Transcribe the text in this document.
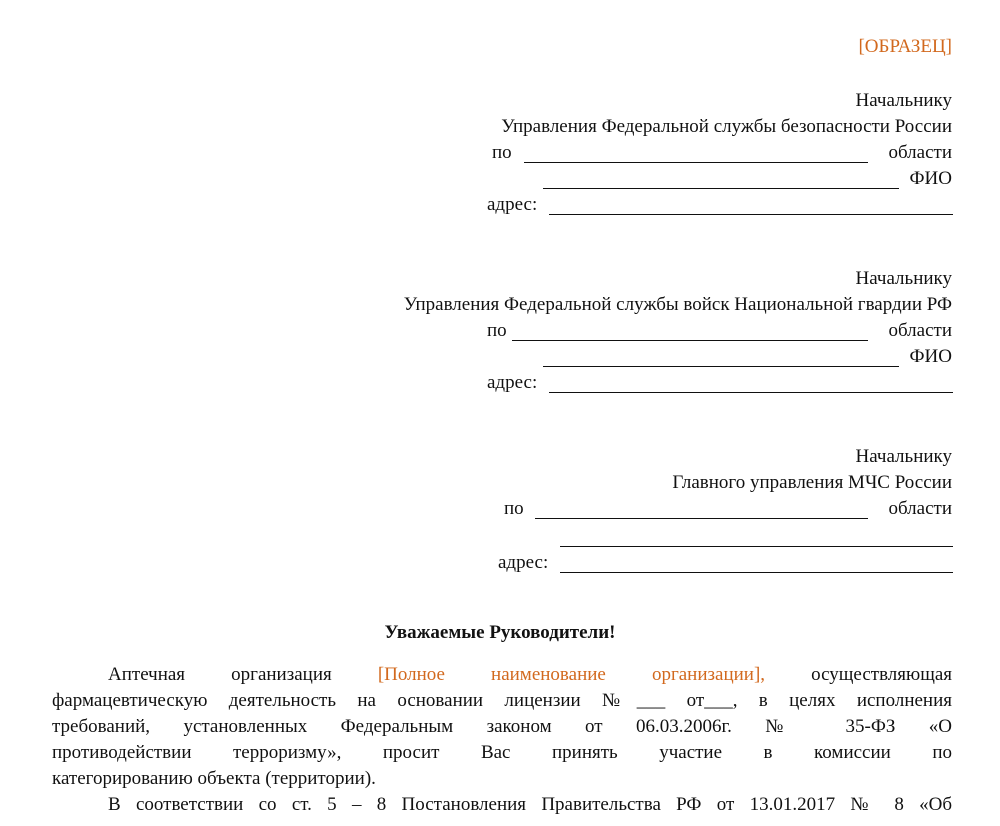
[ОБРАЗЕЦ]
Начальнику
Управления Федеральной службы безопасности России
по	области
ФИО
адрес:
Начальнику
Управления Федеральной службы войск Национальной гвардии РФ
по	области
ФИО
адрес:
Начальнику
Главного управления МЧС России
по	области
адрес:
Уважаемые Руководители!
Аптечная организация [Полное наименование организации], осуществляющая
фармацевтическую деятельность на основании лицензии №___ от___, в целях исполнения
требований, установленных Федеральным законом от 06.03.2006г. № 35-ФЗ «О
противодействии терроризму», просит Вас принять участие в комиссии по
категорированию объекта (территории).
В соответствии со ст. 5 – 8 Постановления Правительства РФ от 13.01.2017 № 8 «Об
